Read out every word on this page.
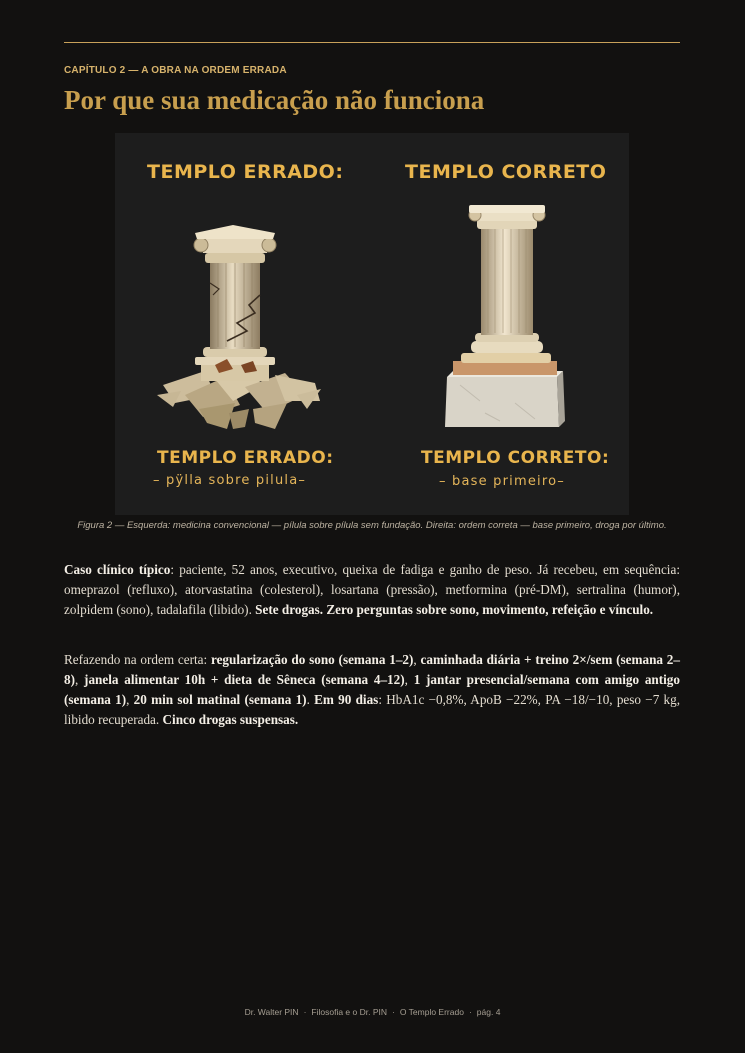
CAPÍTULO 2 — A OBRA NA ORDEM ERRADA
Por que sua medicação não funciona
TEMPLO ERRADO:	TEMPLO CORRETO
TEMPLO ERRADO:
– pÿlla sobre pilula–
TEMPLO CORRETO:
– base primeiro–
Figura 2 — Esquerda: medicina convencional — pílula sobre pílula sem fundação. Direita: ordem correta — base primeiro, droga por último.

Caso clínico típico: paciente, 52 anos, executivo, queixa de fadiga e ganho de peso. Já recebeu, em sequência: omeprazol (refluxo), atorvastatina (colesterol), losartana (pressão), metformina (pré-DM), sertralina (humor), zolpidem (sono), tadalafila (libido). Sete drogas. Zero perguntas sobre sono, movimento, refeição e vínculo.

Refazendo na ordem certa: regularização do sono (semana 1–2), caminhada diária + treino 2×/sem (semana 2–8), janela alimentar 10h + dieta de Sêneca (semana 4–12), 1 jantar presencial/semana com amigo antigo (semana 1), 20 min sol matinal (semana 1). Em 90 dias: HbA1c −0,8%, ApoB −22%, PA −18/−10, peso −7 kg, libido recuperada. Cinco drogas suspensas.

Dr. Walter PIN · Filosofia e o Dr. PIN · O Templo Errado · pág. 4
